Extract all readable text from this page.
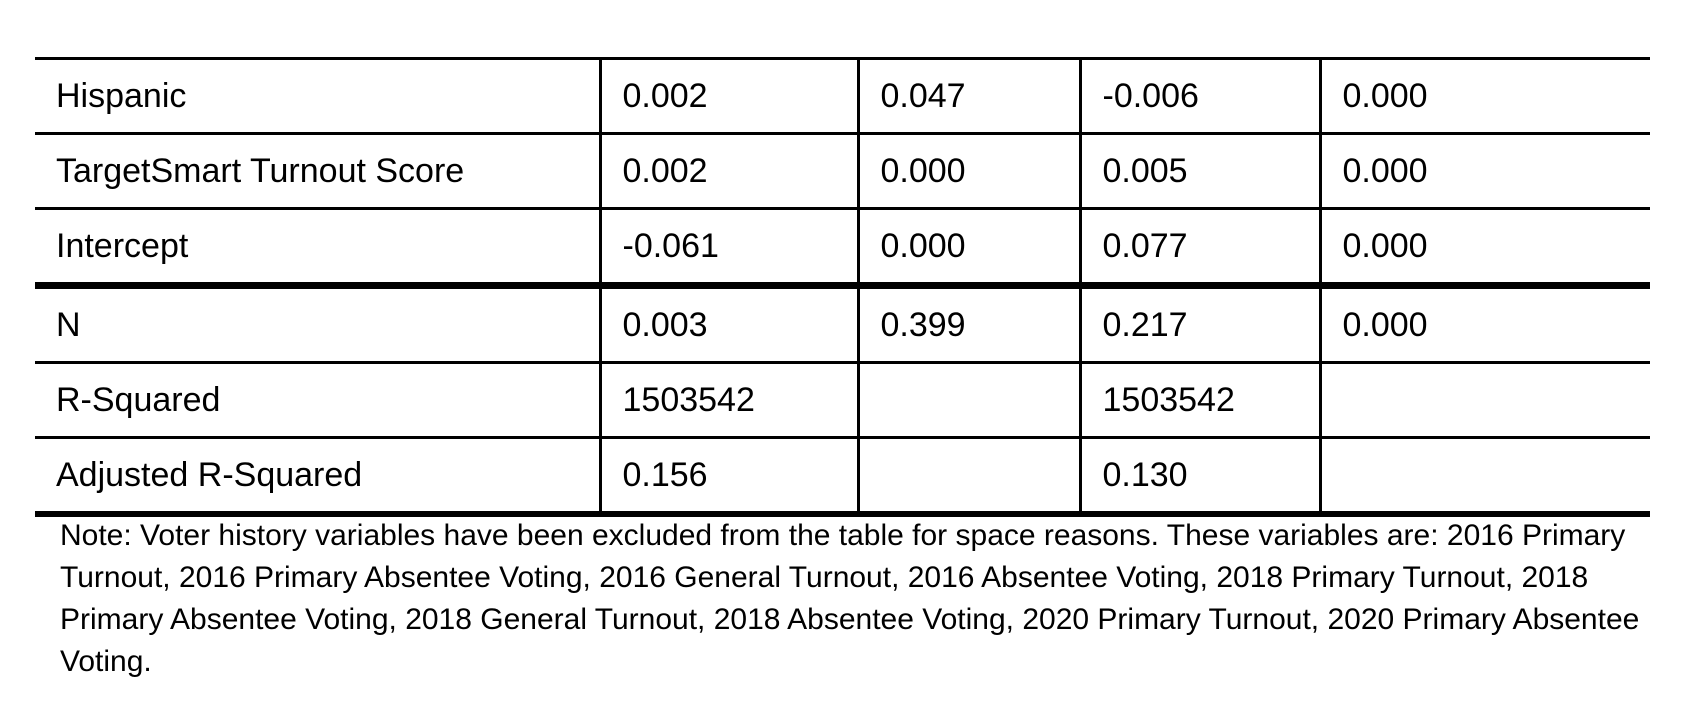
Hispanic	0.002	0.047	-0.006	0.000
TargetSmart Turnout Score	0.002	0.000	0.005	0.000
Intercept	-0.061	0.000	0.077	0.000
N	0.003	0.399	0.217	0.000
R-Squared	1503542		1503542	
Adjusted R-Squared	0.156		0.130	

Note: Voter history variables have been excluded from the table for space reasons. These variables are: 2016 Primary Turnout, 2016 Primary Absentee Voting, 2016 General Turnout, 2016 Absentee Voting, 2018 Primary Turnout, 2018 Primary Absentee Voting, 2018 General Turnout, 2018 Absentee Voting, 2020 Primary Turnout, 2020 Primary Absentee Voting.
